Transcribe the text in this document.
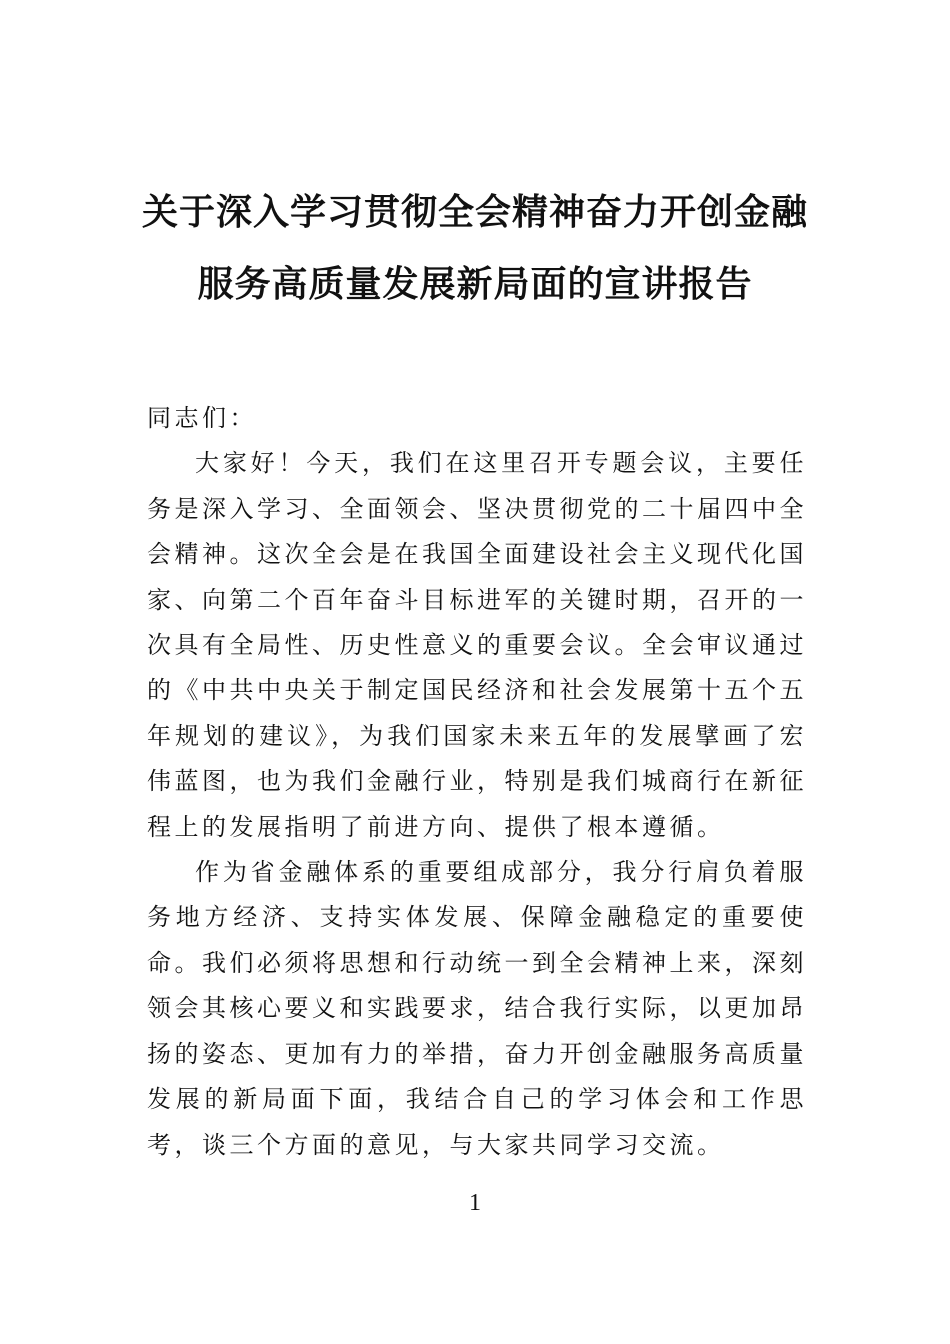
关于深入学习贯彻全会精神奋力开创金融
服务高质量发展新局面的宣讲报告

同志们：

大家好！今天，我们在这里召开专题会议，主要任务是深入学习、全面领会、坚决贯彻党的二十届四中全会精神。这次全会是在我国全面建设社会主义现代化国家、向第二个百年奋斗目标进军的关键时期，召开的一次具有全局性、历史性意义的重要会议。全会审议通过的《中共中央关于制定国民经济和社会发展第十五个五年规划的建议》，为我们国家未来五年的发展擘画了宏伟蓝图，也为我们金融行业，特别是我们城商行在新征程上的发展指明了前进方向、提供了根本遵循。

作为省金融体系的重要组成部分，我分行肩负着服务地方经济、支持实体发展、保障金融稳定的重要使命。我们必须将思想和行动统一到全会精神上来，深刻领会其核心要义和实践要求，结合我行实际，以更加昂扬的姿态、更加有力的举措，奋力开创金融服务高质量发展的新局面下面，我结合自己的学习体会和工作思考，谈三个方面的意见，与大家共同学习交流。

1
